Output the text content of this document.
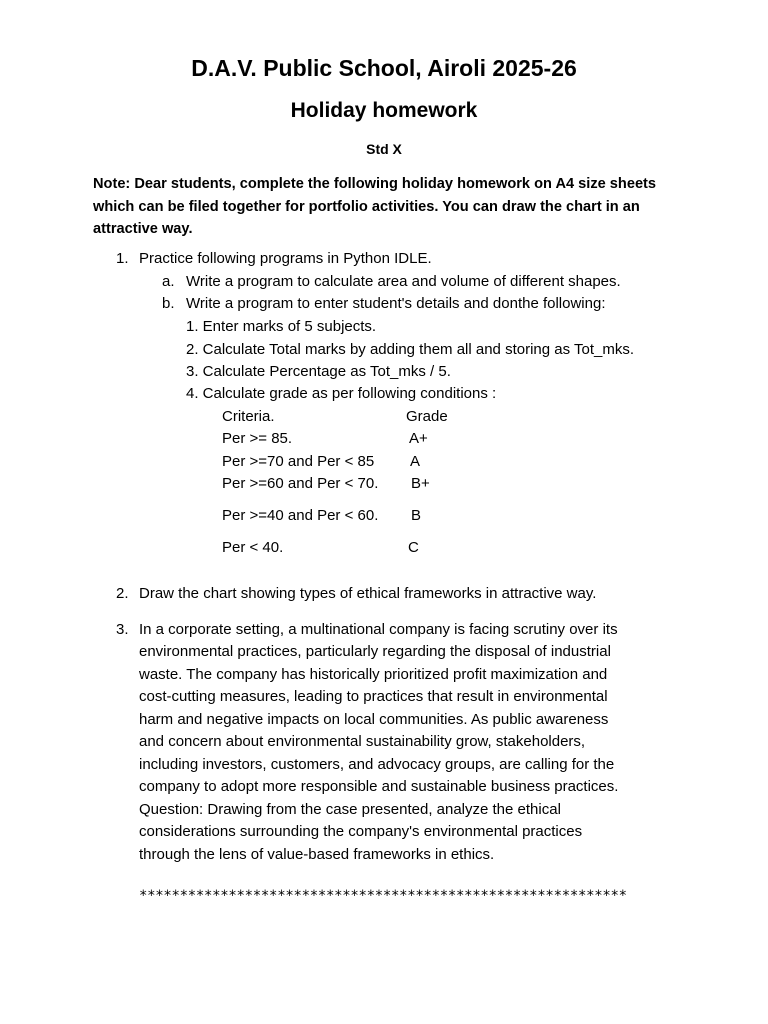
D.A.V. Public School, Airoli 2025-26
Holiday homework
Std X
Note: Dear students, complete the following holiday homework on A4 size sheets which can be filed together for portfolio activities. You can draw the chart in an attractive way.
1. Practice following programs in Python IDLE.
a. Write a program to calculate area and volume of different shapes.
b. Write a program to enter student's details and donthe following:
1. Enter marks of 5 subjects.
2. Calculate Total marks by adding them all and storing as Tot_mks.
3. Calculate Percentage as Tot_mks / 5.
4. Calculate grade as per following conditions :
Criteria.	Grade
Per >= 85.	A+
Per >=70 and Per < 85 A
Per >=60 and Per < 70. B+
Per >=40 and Per < 60. B
Per < 40.	C
2. Draw the chart showing types of ethical frameworks in attractive way.
3. In a corporate setting, a multinational company is facing scrutiny over its
environmental practices, particularly regarding the disposal of industrial
waste. The company has historically prioritized profit maximization and
cost-cutting measures, leading to practices that result in environmental
harm and negative impacts on local communities. As public awareness
and concern about environmental sustainability grow, stakeholders,
including investors, customers, and advocacy groups, are calling for the
company to adopt more responsible and sustainable business practices.
Question: Drawing from the case presented, analyze the ethical
considerations surrounding the company's environmental practices
through the lens of value-based frameworks in ethics.
************************************************************
